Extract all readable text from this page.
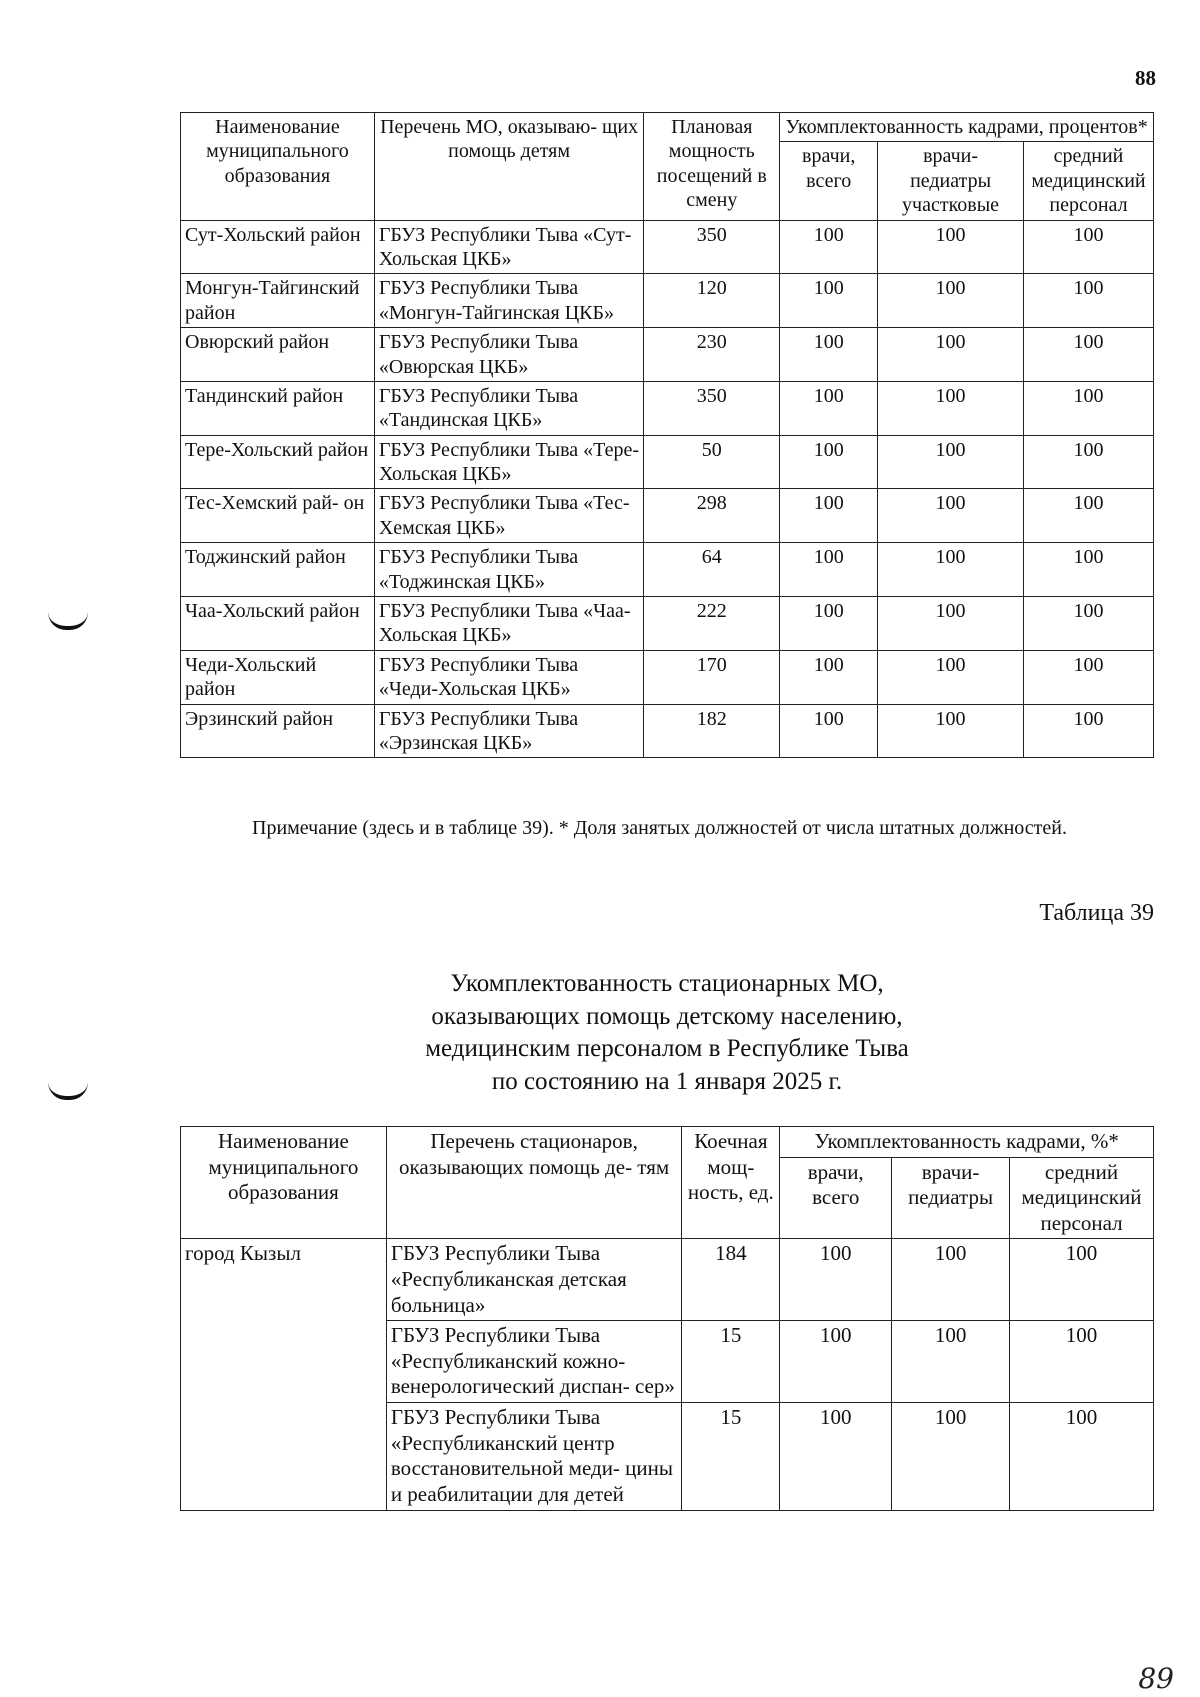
88
Наименование муниципального образования	Перечень МО, оказываю- щих помощь детям	Плановая мощность посещений в смену	Укомплектованность кадрами, процентов*		
			врачи, всего	врачи- педиатры участковые	средний медицинский персонал
Сут-Хольский район	ГБУЗ Республики Тыва «Сут-Хольская ЦКБ»	350	100	100	100
Монгун-Тайгинский район	ГБУЗ Республики Тыва «Монгун-Тайгинская ЦКБ»	120	100	100	100
Овюрский район	ГБУЗ Республики Тыва «Овюрская ЦКБ»	230	100	100	100
Тандинский район	ГБУЗ Республики Тыва «Тандинская ЦКБ»	350	100	100	100
Тере-Хольский район	ГБУЗ Республики Тыва «Тере-Хольская ЦКБ»	50	100	100	100
Тес-Хемский рай- он	ГБУЗ Республики Тыва «Тес-Хемская ЦКБ»	298	100	100	100
Тоджинский район	ГБУЗ Республики Тыва «Тоджинская ЦКБ»	64	100	100	100
Чаа-Хольский район	ГБУЗ Республики Тыва «Чаа-Хольская ЦКБ»	222	100	100	100
Чеди-Хольский район	ГБУЗ Республики Тыва «Чеди-Хольская ЦКБ»	170	100	100	100
Эрзинский район	ГБУЗ Республики Тыва «Эрзинская ЦКБ»	182	100	100	100
Примечание (здесь и в таблице 39). * Доля занятых должностей от числа штатных должностей.
Таблица 39
Укомплектованность стационарных МО,
оказывающих помощь детскому населению,
медицинским персоналом в Республике Тыва
по состоянию на 1 января 2025 г.
Наименование муниципального образования	Перечень стационаров, оказывающих помощь де- тям	Коечная мощ- ность, ед.	Укомплектованность кадрами, %*		
			врачи, всего	врачи- педиатры	средний медицинский персонал
город Кызыл	ГБУЗ Республики Тыва «Республиканская детская больница»	184	100	100	100
	ГБУЗ Республики Тыва «Республиканский кожно- венерологический диспан- сер»	15	100	100	100
	ГБУЗ Республики Тыва «Республиканский центр восстановительной меди- цины и реабилитации для детей	15	100	100	100
89
